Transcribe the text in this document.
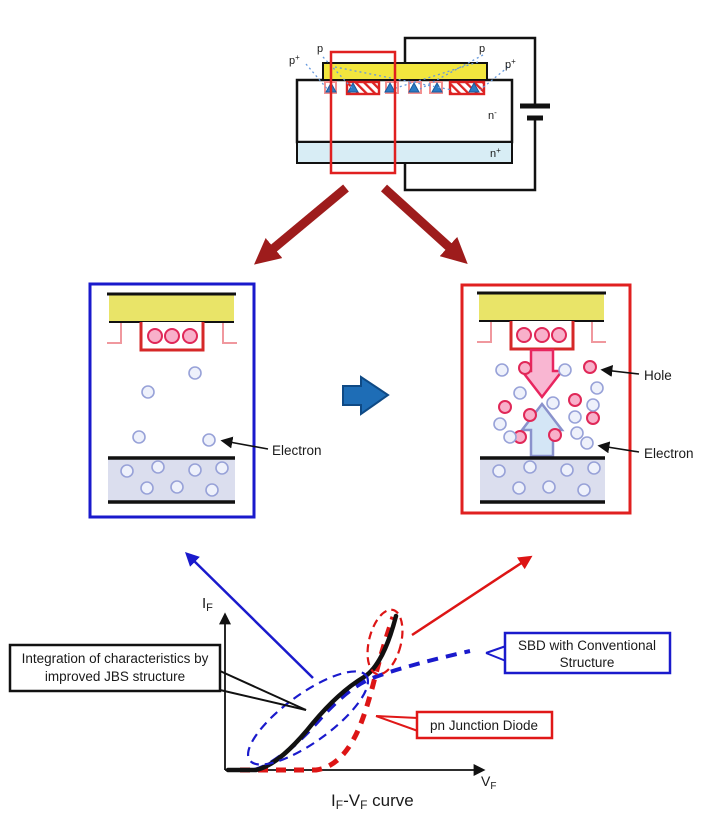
p+
p	p
p+
n-
n+
Electron
Hole
Electron
$I_F$
$V_F$
Integration of characteristics by
improved JBS structure
SBD with Conventional
Structure
pn Junction Diode
IF-VF curve
